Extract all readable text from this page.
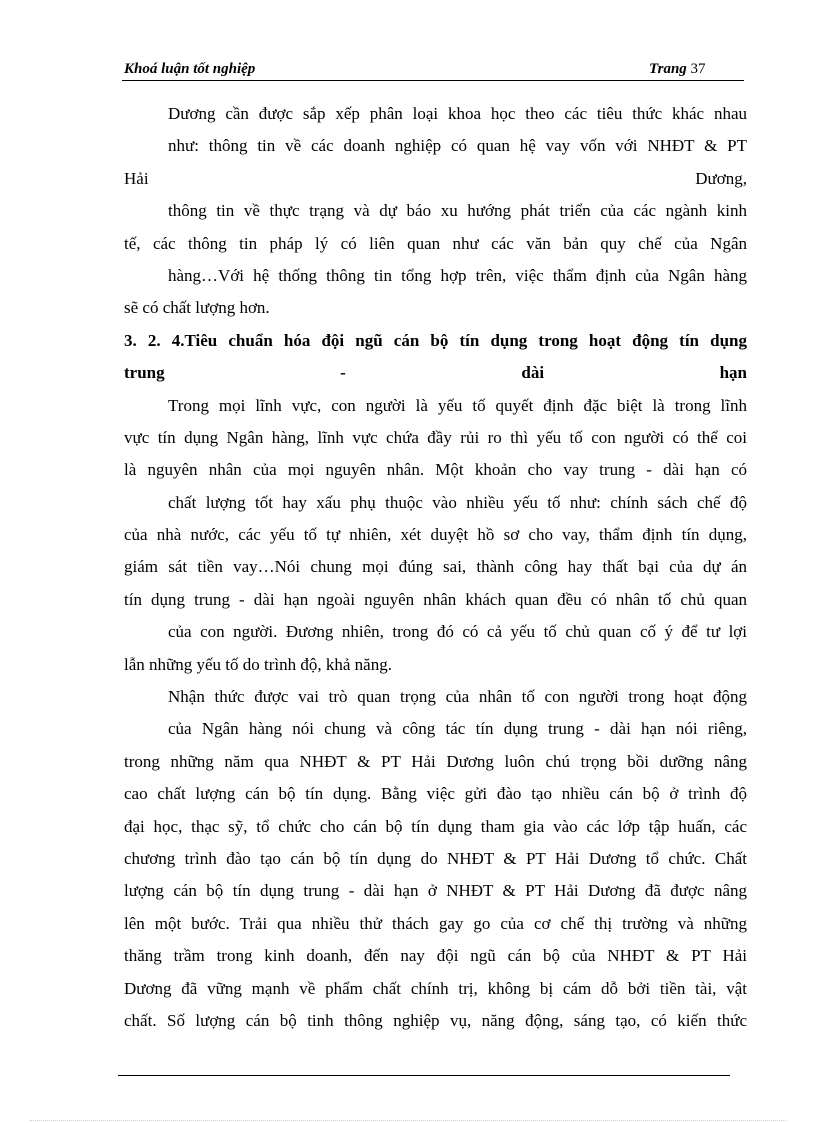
Khoá luận tốt nghiệp	Trang 37
Dương cần được sắp xếp phân loại khoa học theo các tiêu thức khác nhau
như: thông tin về các doanh nghiệp có quan hệ vay vốn với NHĐT & PT
Hải Dương,
thông tin về thực trạng và dự báo xu hướng phát triển của các ngành kinh
tế, các thông tin pháp lý có liên quan như các văn bản quy chế của Ngân
hàng…Với hệ thống thông tin tổng hợp trên, việc thẩm định của Ngân hàng
sẽ có chất lượng hơn.
3. 2. 4.Tiêu chuẩn hóa đội ngũ cán bộ tín dụng trong hoạt động tín dụng
trung - dài hạn
Trong mọi lĩnh vực, con người là yếu tố quyết định đặc biệt là trong lĩnh
vực tín dụng Ngân hàng, lĩnh vực chứa đầy rủi ro thì yếu tố con người có thể coi
là nguyên nhân của mọi nguyên nhân. Một khoản cho vay trung - dài hạn có
chất lượng tốt hay xấu phụ thuộc vào nhiều yếu tố như: chính sách chế độ
của nhà nước, các yếu tố tự nhiên, xét duyệt hồ sơ cho vay, thẩm định tín dụng,
giám sát tiền vay…Nói chung mọi đúng sai, thành công hay thất bại của dự án
tín dụng trung - dài hạn ngoài nguyên nhân khách quan đều có nhân tố chủ quan
của con người. Đương nhiên, trong đó có cả yếu tố chủ quan cố ý để tư lợi
lẫn những yếu tố do trình độ, khả năng.
Nhận thức được vai trò quan trọng của nhân tố con người trong hoạt động
của Ngân hàng nói chung và công tác tín dụng trung - dài hạn nói riêng,
trong những năm qua NHĐT & PT Hải Dương luôn chú trọng bồi dưỡng nâng
cao chất lượng cán bộ tín dụng. Bằng việc gửi đào tạo nhiều cán bộ ở trình độ
đại học, thạc sỹ, tổ chức cho cán bộ tín dụng tham gia vào các lớp tập huấn, các
chương trình đào tạo cán bộ tín dụng do NHĐT & PT Hải Dương tổ chức. Chất
lượng cán bộ tín dụng trung - dài hạn ở NHĐT & PT Hải Dương đã được nâng
lên một bước. Trải qua nhiều thử thách gay go của cơ chế thị trường và những
thăng trầm trong kinh doanh, đến nay đội ngũ cán bộ của NHĐT & PT Hải
Dương đã vững mạnh về phẩm chất chính trị, không bị cám dỗ bởi tiền tài, vật
chất. Số lượng cán bộ tinh thông nghiệp vụ, năng động, sáng tạo, có kiến thức
